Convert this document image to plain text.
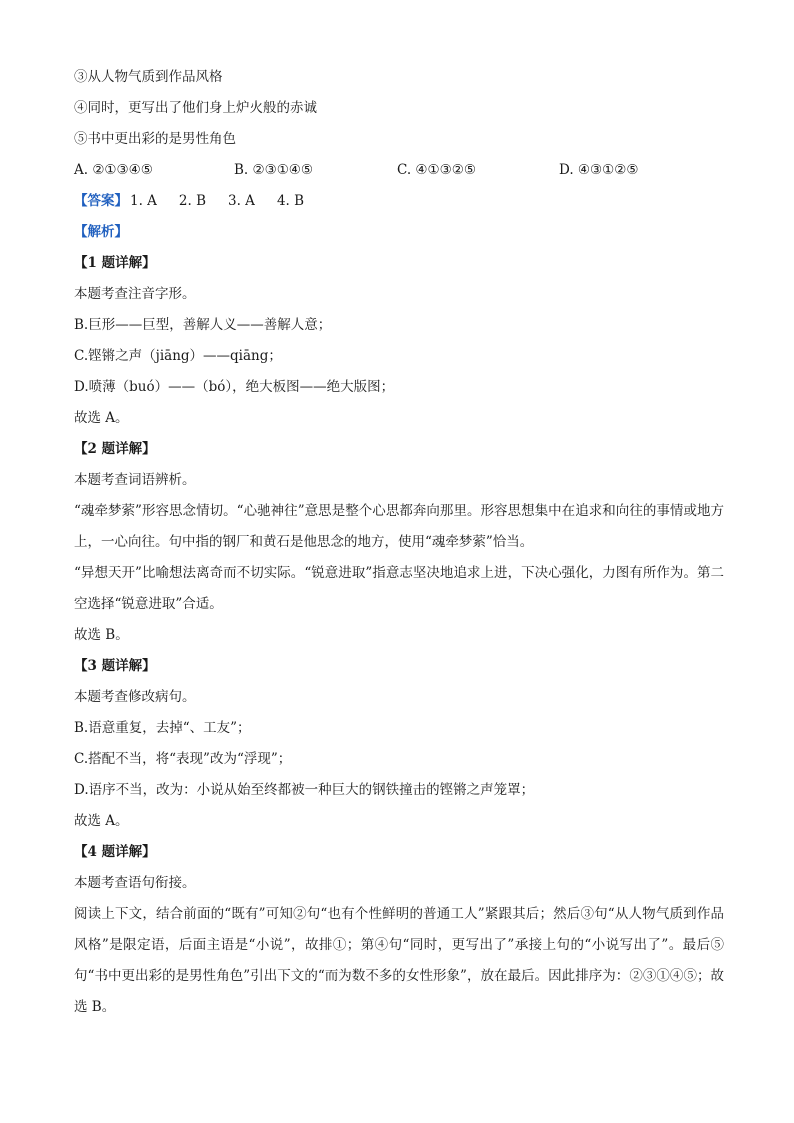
③从人物气质到作品风格
④同时，更写出了他们身上炉火般的赤诚
⑤书中更出彩的是男性角色
A. ②①③④⑤	B. ②③①④⑤	C. ④①③②⑤	D. ④③①②⑤
【答案】 1. A 2. B 3. A 4. B
【解析】
【1 题详解】
本题考查注音字形。
B.巨形——巨型，善解人义——善解人意；
C.铿锵之声（jiāng）——qiāng；
D.喷薄（buó）——（bó），绝大板图——绝大版图；
故选 A。
【2 题详解】
本题考查词语辨析。

“魂牵梦萦”形容思念情切。“心驰神往”意思是整个心思都奔向那里。形容思想集中在追求和向往的事情或地方上，一心向往。句中指的钢厂和黄石是他思念的地方，使用“魂牵梦萦”恰当。

“异想天开”比喻想法离奇而不切实际。“锐意进取”指意志坚决地追求上进，下决心强化，力图有所作为。第二空选择“锐意进取”合适。

故选 B。
【3 题详解】
本题考查修改病句。
B.语意重复，去掉“、工友”；
C.搭配不当，将“表现”改为“浮现”；
D.语序不当，改为：小说从始至终都被一种巨大的钢铁撞击的铿锵之声笼罩；
故选 A。
【4 题详解】
本题考查语句衔接。

阅读上下文，结合前面的“既有”可知②句“也有个性鲜明的普通工人”紧跟其后；然后③句“从人物气质到作品风格”是限定语，后面主语是“小说”，故排①；第④句“同时，更写出了”承接上句的“小说写出了”。最后⑤句“书中更出彩的是男性角色”引出下文的“而为数不多的女性形象”，放在最后。因此排序为：②③①④⑤；故选 B。
